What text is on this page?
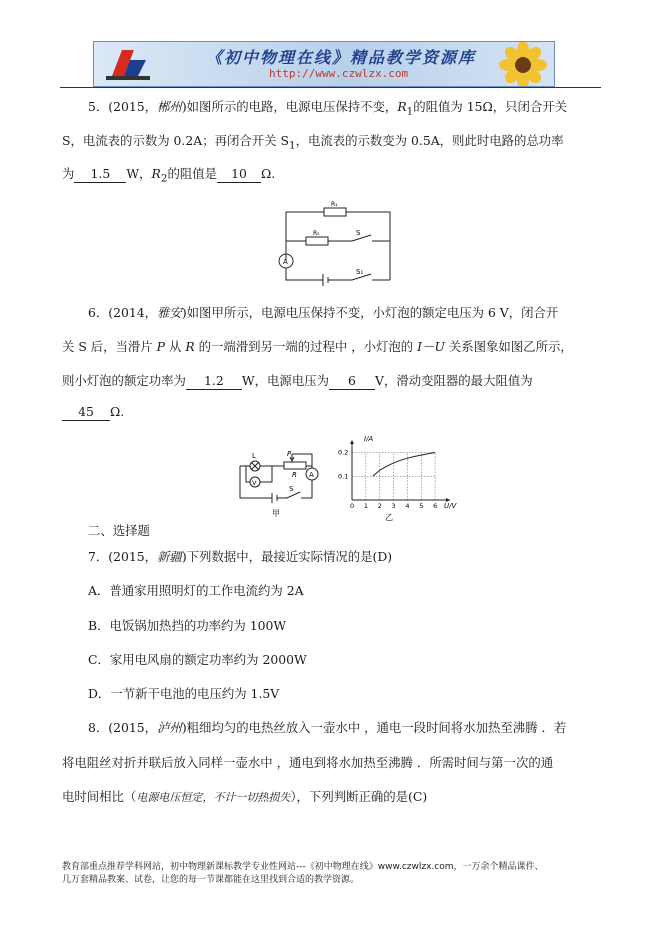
《初中物理在线》精品教学资源库
http://www.czwlzx.com
5．(2015，郴州)如图所示的电路，电源电压保持不变，$R_1$的阻值为 15Ω，只闭合开关
S，电流表的示数为 0.2A；再闭合开关 $S_1$，电流表的示数变为 0.5A，则此时电路的总功率
为 1.5 W，$R_2$的阻值是 10 Ω.
R₁
R₂	S
S₁
A
6．(2014，雅安)如图甲所示，电源电压保持不变，小灯泡的额定电压为 6 V，闭合开
关 S 后，当滑片 P 从 R 的一端滑到另一端的过程中 ，小灯泡的 I－U 关系图象如图乙所示，
则小灯泡的额定功率为 1.2 W，电源电压为 6 V，滑动变阻器的最大阻值为
45 Ω.
L	P
R A
V
S
甲
0 1 2 3 4 5 6
0.1
0.2
I/A
U/V
乙
二、选择题
7．(2015，新疆)下列数据中，最接近实际情况的是(D)
A．普通家用照明灯的工作电流约为 2A
B．电饭锅加热挡的功率约为 100W
C．家用电风扇的额定功率约为 2000W
D．一节新干电池的电压约为 1.5V
8．(2015，泸州)粗细均匀的电热丝放入一壶水中 ，通电一段时间将水加热至沸腾 ．若
将电阻丝对折并联后放入同样一壶水中 ，通电到将水加热至沸腾 ．所需时间与第一次的通
电时间相比（电源电压恒定，不计一切热损失），下列判断正确的是(C)
教育部重点推荐学科网站，初中物理新课标教学专业性网站---《初中物理在线》www.czwlzx.com，一万余个精品课件、
几万套精品教案、试卷，让您的每一节课都能在这里找到合适的教学资源。
